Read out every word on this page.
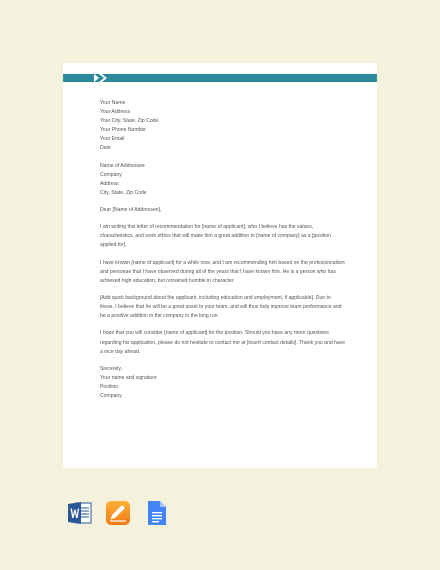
Your Name
Your Address
Your City, State, Zip Code
Your Phone Number
Your Email
Date
Name of Addressee
Company
Address
City, State, Zip Code
Dear [Name of Addressee],
I am writing this letter of recommendation for [name of applicant], who I believe has the values, characteristics, and work ethics that will make him a great addition to [name of company] as a [position applied for].
I have known [name of applicant] for a while now, and I am recommending him based on the professionalism and personae that I have observed during all of the years that I have known him. He is a person who has achieved high education, but remained humble in character.
[Add quick background about the applicant, including education and employment, if applicable]. Due to these, I believe that he will be a great asset to your team, and will thus help improve team performance and be a positive addition in the company in the long run.
I hope that you will consider [name of applicant] for the position. Should you have any more questions regarding his application, please do not hesitate to contact me at [insert contact details]. Thank you and have a nice day ahead.
Sincerely,
Your name and signature
Position
Company
